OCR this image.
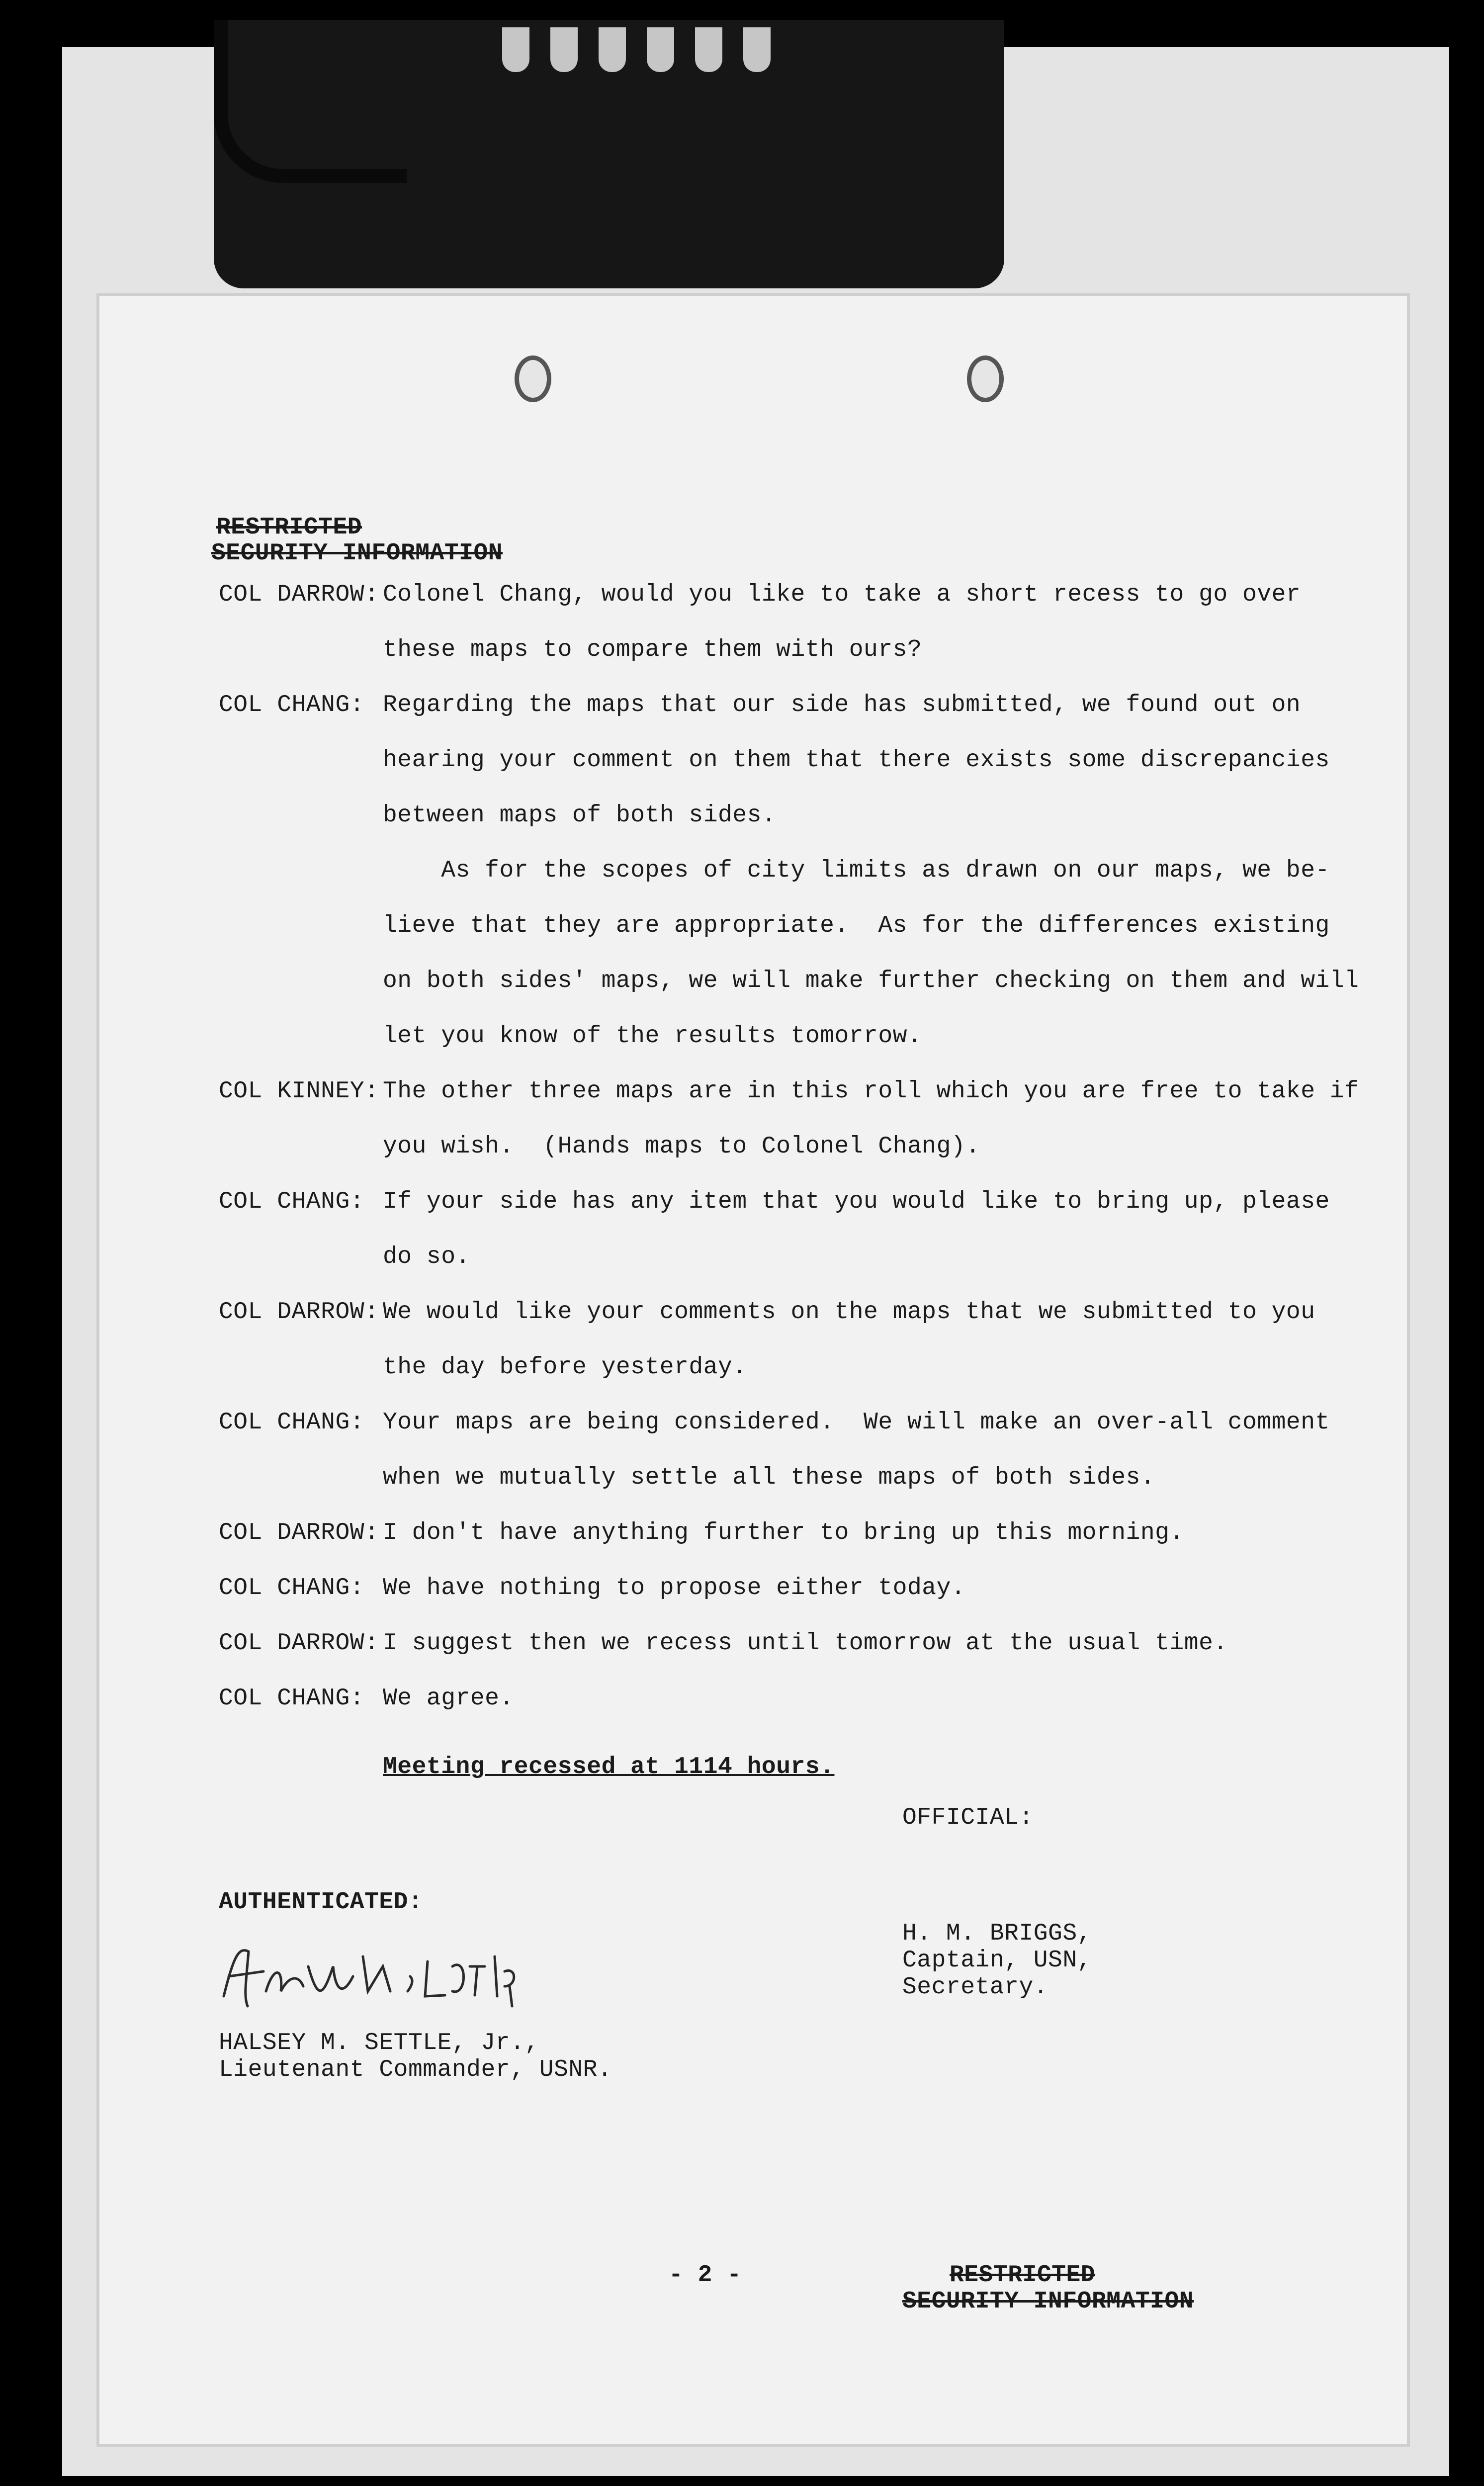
RESTRICTED
SECURITY INFORMATION
COL DARROW: Colonel Chang, would you like to take a short recess to go over
these maps to compare them with ours?
COL CHANG: Regarding the maps that our side has submitted, we found out on
hearing your comment on them that there exists some discrepancies
between maps of both sides.
As for the scopes of city limits as drawn on our maps, we be-
lieve that they are appropriate.  As for the differences existing
on both sides' maps, we will make further checking on them and will
let you know of the results tomorrow.
COL KINNEY: The other three maps are in this roll which you are free to take if
you wish.  (Hands maps to Colonel Chang).
COL CHANG: If your side has any item that you would like to bring up, please
do so.
COL DARROW: We would like your comments on the maps that we submitted to you
the day before yesterday.
COL CHANG: Your maps are being considered.  We will make an over-all comment
when we mutually settle all these maps of both sides.
COL DARROW: I don't have anything further to bring up this morning.
COL CHANG: We have nothing to propose either today.
COL DARROW: I suggest then we recess until tomorrow at the usual time.
COL CHANG: We agree.
Meeting recessed at 1114 hours.
OFFICIAL:
H. M. BRIGGS,
Captain, USN,
Secretary.
AUTHENTICATED:
HALSEY M. SETTLE, Jr.,
Lieutenant Commander, USNR.
- 2 -	RESTRICTED
SECURITY INFORMATION
